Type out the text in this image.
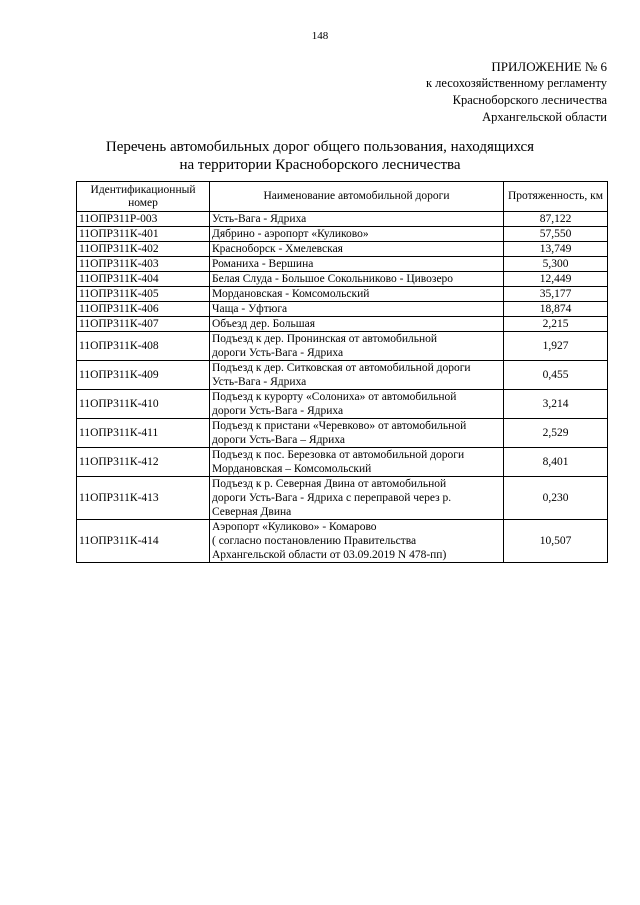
148
ПРИЛОЖЕНИЕ № 6
к лесохозяйственному регламенту
Красноборского лесничества
Архангельской области
Перечень автомобильных дорог общего пользования, находящихся
на территории Красноборского лесничества
Идентификационный номер	Наименование автомобильной дороги	Протяженность, км
11ОПР311Р-003	Усть-Вага - Ядриха	87,122
11ОПР311К-401	Дябрино - аэропорт «Куликово»	57,550
11ОПР311К-402	Красноборск - Хмелевская	13,749
11ОПР311К-403	Романиха - Вершина	5,300
11ОПР311К-404	Белая Слуда - Большое Сокольниково - Цивозеро	12,449
11ОПР311К-405	Мордановская - Комсомольский	35,177
11ОПР311К-406	Чаща - Уфтюга	18,874
11ОПР311К-407	Объезд дер. Большая	2,215
11ОПР311К-408	Подъезд к дер. Пронинская от автомобильной
дороги Усть-Вага - Ядриха	1,927
11ОПР311К-409	Подъезд к дер. Ситковская от автомобильной дороги
Усть-Вага - Ядриха	0,455
11ОПР311К-410	Подъезд к курорту «Солониха» от автомобильной
дороги Усть-Вага - Ядриха	3,214
11ОПР311К-411	Подъезд к пристани «Черевково» от автомобильной
дороги Усть-Вага – Ядриха	2,529
11ОПР311К-412	Подъезд к пос. Березовка от автомобильной дороги
Мордановская – Комсомольский	8,401
11ОПР311К-413	Подъезд к р. Северная Двина от автомобильной
дороги Усть-Вага - Ядриха с переправой через р.
Северная Двина	0,230
11ОПР311К-414	Аэропорт «Куликово» - Комарово
( согласно постановлению Правительства
Архангельской области от 03.09.2019 N 478-пп)	10,507
